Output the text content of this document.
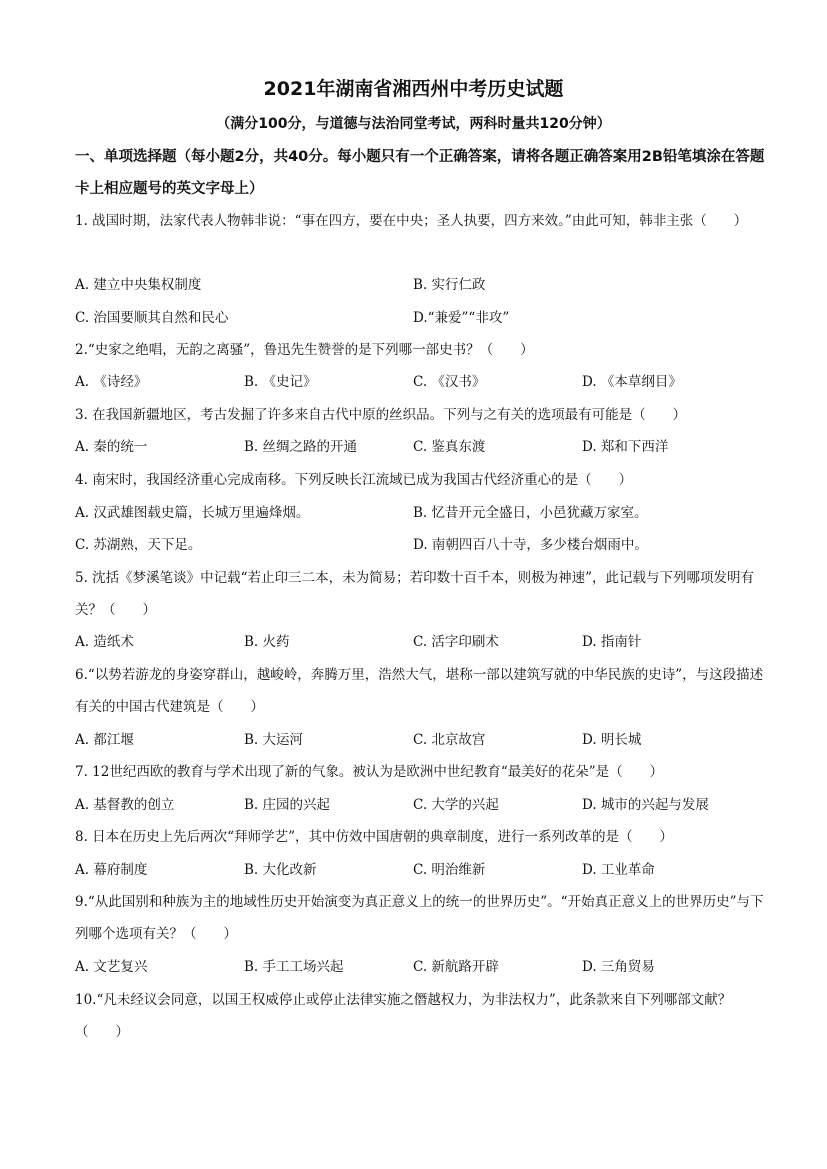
2021年湖南省湘西州中考历史试题
（满分100分，与道德与法治同堂考试，两科时量共120分钟）
一、单项选择题（每小题2分，共40分。每小题只有一个正确答案，请将各题正确答案用2B铅笔填涂在答题卡上相应题号的英文字母上）
1. 战国时期，法家代表人物韩非说：“事在四方，要在中央；圣人执要，四方来效。”由此可知，韩非主张（　　）
A. 建立中央集权制度	B. 实行仁政
C. 治国要顺其自然和民心	D.“兼爱”“非攻”
2.“史家之绝唱，无韵之离骚”，鲁迅先生赞誉的是下列哪一部史书？（　　）
A. 《诗经》	B. 《史记》	C. 《汉书》	D. 《本草纲目》
3. 在我国新疆地区，考古发掘了许多来自古代中原的丝织品。下列与之有关的选项最有可能是（　　）
A. 秦的统一	B. 丝绸之路的开通	C. 鉴真东渡	D. 郑和下西洋
4. 南宋时，我国经济重心完成南移。下列反映长江流域已成为我国古代经济重心的是（　　）
A. 汉武雄图载史篇，长城万里遍烽烟。	B. 忆昔开元全盛日，小邑犹藏万家室。
C. 苏湖熟，天下足。	D. 南朝四百八十寺，多少楼台烟雨中。
5. 沈括《梦溪笔谈》中记载“若止印三二本，未为简易；若印数十百千本，则极为神速”，此记载与下列哪项发明有关？（　　）
A. 造纸术	B. 火药	C. 活字印刷术	D. 指南针
6.“以势若游龙的身姿穿群山，越峻岭，奔腾万里，浩然大气，堪称一部以建筑写就的中华民族的史诗”，与这段描述有关的中国古代建筑是（　　）
A. 都江堰	B. 大运河	C. 北京故宫	D. 明长城
7. 12世纪西欧的教育与学术出现了新的气象。被认为是欧洲中世纪教育“最美好的花朵”是（　　）
A. 基督教的创立	B. 庄园的兴起	C. 大学的兴起	D. 城市的兴起与发展
8. 日本在历史上先后两次“拜师学艺”，其中仿效中国唐朝的典章制度，进行一系列改革的是（　　）
A. 幕府制度	B. 大化改新	C. 明治维新	D. 工业革命
9.“从此国别和种族为主的地域性历史开始演变为真正意义上的统一的世界历史”。“开始真正意义上的世界历史”与下列哪个选项有关？（　　）
A. 文艺复兴	B. 手工工场兴起	C. 新航路开辟	D. 三角贸易
10.“凡未经议会同意，以国王权威停止或停止法律实施之僭越权力，为非法权力”，此条款来自下列哪部文献？（　　）
